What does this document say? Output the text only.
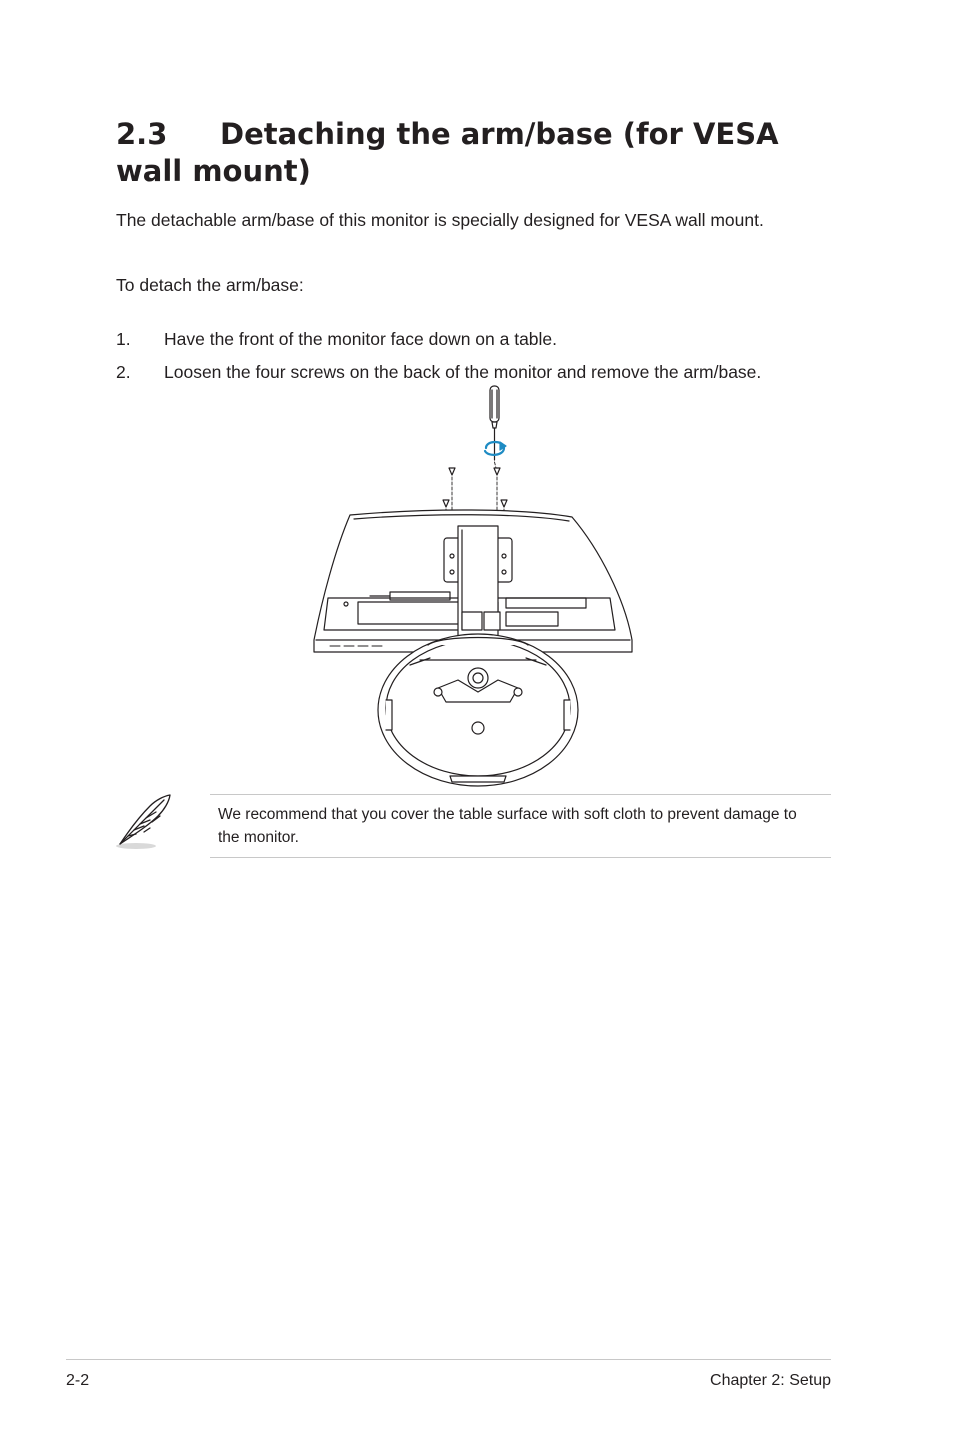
2.3 Detaching the arm/base (for VESA wall mount)

The detachable arm/base of this monitor is specially designed for VESA wall mount.

To detach the arm/base:

1. Have the front of the monitor face down on a table.
2. Loosen the four screws on the back of the monitor and remove the arm/base.

We recommend that you cover the table surface with soft cloth to prevent damage to the monitor.

2-2	Chapter 2: Setup
